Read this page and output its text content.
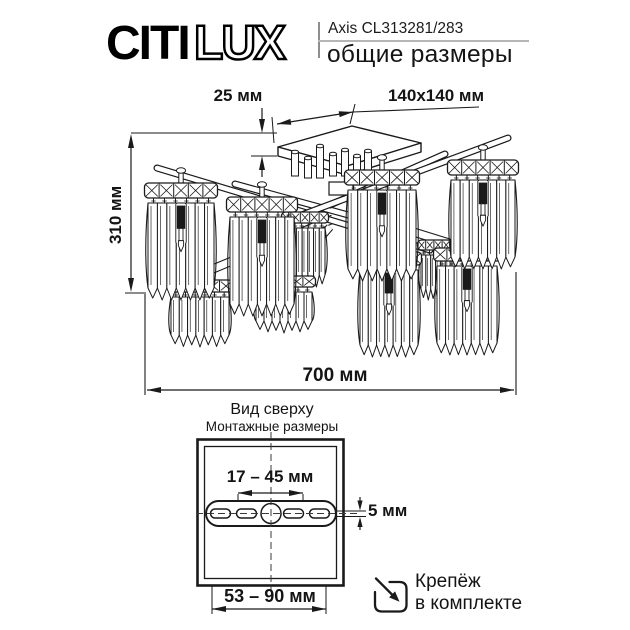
CITI LUX	Axis CL313281/283
общие размеры
25 мм	140x140 мм
310 мм
700 мм
Вид сверху
Монтажные размеры
17 – 45 мм
5 мм
53 – 90 мм
Крепёж
в комплекте
